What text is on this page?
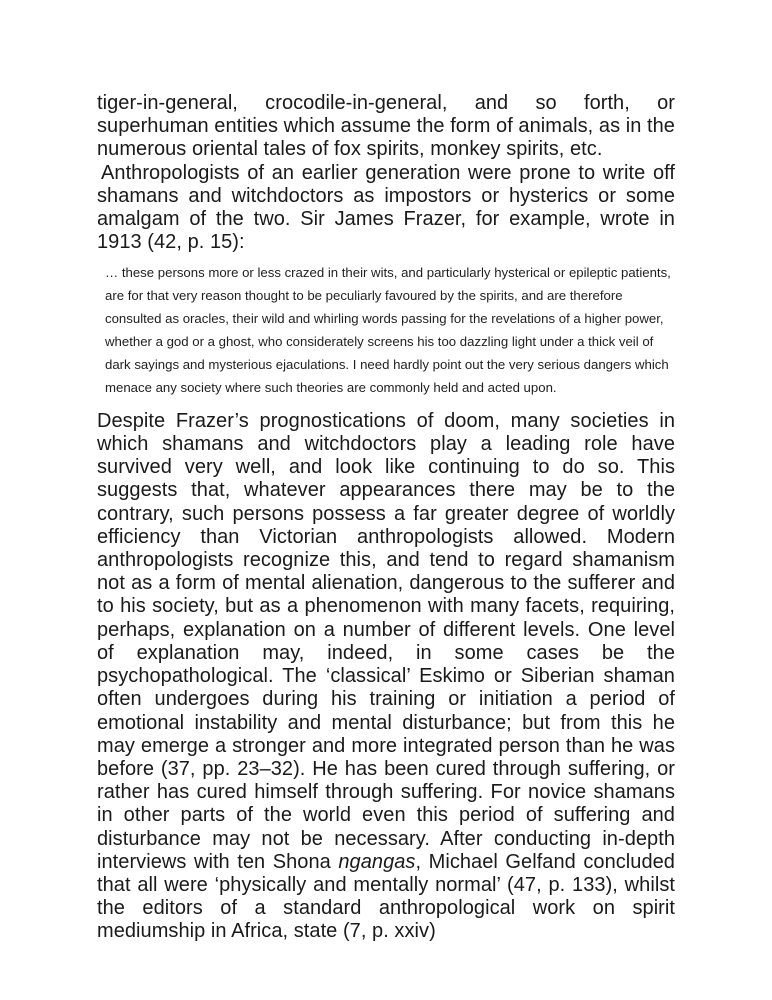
tiger-in-general, crocodile-in-general, and so forth, or superhuman entities which assume the form of animals, as in the numerous oriental tales of fox spirits, monkey spirits, etc.

Anthropologists of an earlier generation were prone to write off shamans and witchdoctors as impostors or hysterics or some amalgam of the two. Sir James Frazer, for example, wrote in 1913 (42, p. 15):

… these persons more or less crazed in their wits, and particularly hysterical or epileptic patients, are for that very reason thought to be peculiarly favoured by the spirits, and are therefore consulted as oracles, their wild and whirling words passing for the revelations of a higher power, whether a god or a ghost, who considerately screens his too dazzling light under a thick veil of dark sayings and mysterious ejaculations. I need hardly point out the very serious dangers which menace any society where such theories are commonly held and acted upon.

Despite Frazer’s prognostications of doom, many societies in which shamans and witchdoctors play a leading role have survived very well, and look like continuing to do so. This suggests that, whatever appearances there may be to the contrary, such persons possess a far greater degree of worldly efficiency than Victorian anthropologists allowed. Modern anthropologists recognize this, and tend to regard shamanism not as a form of mental alienation, dangerous to the sufferer and to his society, but as a phenomenon with many facets, requiring, perhaps, explanation on a number of different levels. One level of explanation may, indeed, in some cases be the psychopathological. The ‘classical’ Eskimo or Siberian shaman often undergoes during his training or initiation a period of emotional instability and mental disturbance; but from this he may emerge a stronger and more integrated person than he was before (37, pp. 23–32). He has been cured through suffering, or rather has cured himself through suffering. For novice shamans in other parts of the world even this period of suffering and disturbance may not be necessary. After conducting in-depth interviews with ten Shona ngangas, Michael Gelfand concluded that all were ‘physically and mentally normal’ (47, p. 133), whilst the editors of a standard anthropological work on spirit mediumship in Africa, state (7, p. xxiv)
